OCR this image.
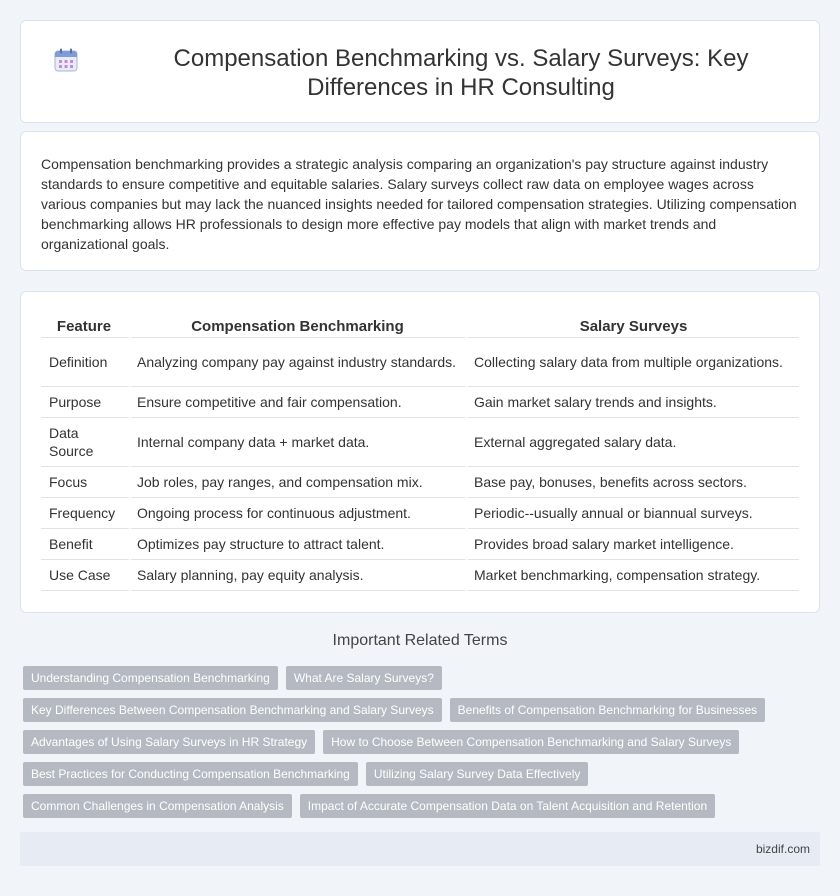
Compensation Benchmarking vs. Salary Surveys: Key Differences in HR Consulting

Compensation benchmarking provides a strategic analysis comparing an organization's pay structure against industry standards to ensure competitive and equitable salaries. Salary surveys collect raw data on employee wages across various companies but may lack the nuanced insights needed for tailored compensation strategies. Utilizing compensation benchmarking allows HR professionals to design more effective pay models that align with market trends and organizational goals.

Feature	Compensation Benchmarking	Salary Surveys
Definition	Analyzing company pay against industry standards.	Collecting salary data from multiple organizations.
Purpose	Ensure competitive and fair compensation.	Gain market salary trends and insights.
Data Source	Internal company data + market data.	External aggregated salary data.
Focus	Job roles, pay ranges, and compensation mix.	Base pay, bonuses, benefits across sectors.
Frequency	Ongoing process for continuous adjustment.	Periodic--usually annual or biannual surveys.
Benefit	Optimizes pay structure to attract talent.	Provides broad salary market intelligence.
Use Case	Salary planning, pay equity analysis.	Market benchmarking, compensation strategy.
Important Related Terms
Understanding Compensation Benchmarking	What Are Salary Surveys?
Key Differences Between Compensation Benchmarking and Salary Surveys	Benefits of Compensation Benchmarking for Businesses
Advantages of Using Salary Surveys in HR Strategy	How to Choose Between Compensation Benchmarking and Salary Surveys
Best Practices for Conducting Compensation Benchmarking	Utilizing Salary Survey Data Effectively
Common Challenges in Compensation Analysis	Impact of Accurate Compensation Data on Talent Acquisition and Retention
bizdif.com
